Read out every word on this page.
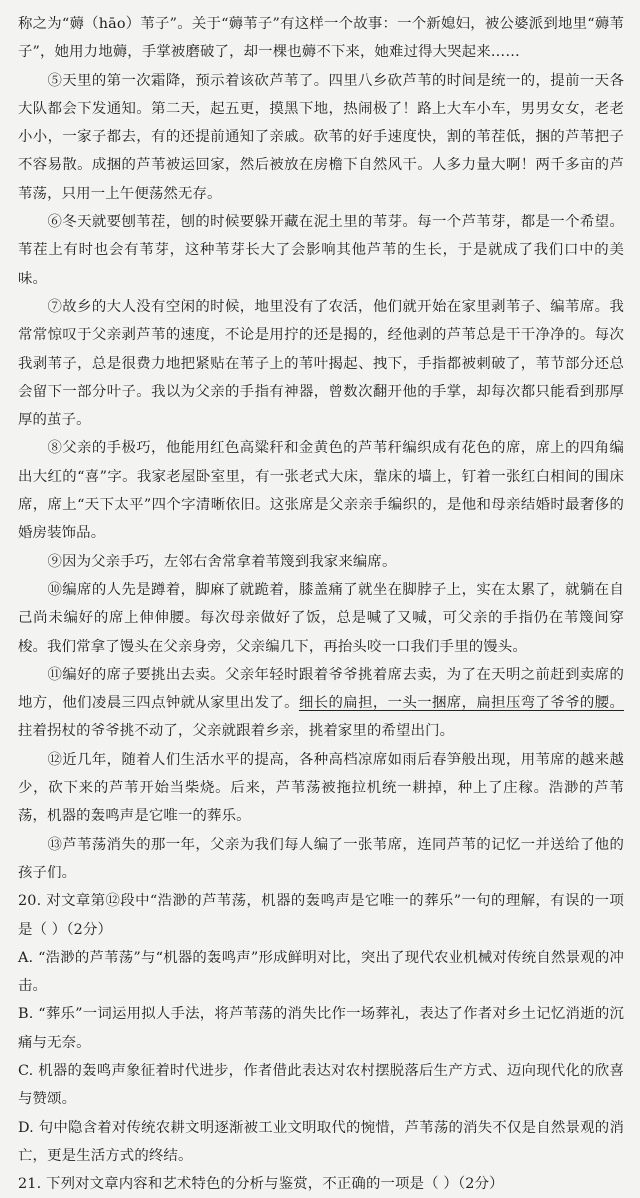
称之为“薅（hāo）苇子”。关于“薅苇子”有这样一个故事：一个新媳妇，被公婆派到地里“薅苇子”，她用力地薅，手掌被磨破了，却一棵也薅不下来，她难过得大哭起来……

⑤天里的第一次霜降，预示着该砍芦苇了。四里八乡砍芦苇的时间是统一的，提前一天各大队都会下发通知。第二天，起五更，摸黑下地，热闹极了！路上大车小车，男男女女，老老小小，一家子都去，有的还提前通知了亲戚。砍苇的好手速度快，割的苇茬低，捆的芦苇把子不容易散。成捆的芦苇被运回家，然后被放在房檐下自然风干。人多力量大啊！两千多亩的芦苇荡，只用一上午便荡然无存。

⑥冬天就要刨苇茬，刨的时候要躲开藏在泥土里的苇芽。每一个芦苇芽，都是一个希望。苇茬上有时也会有苇芽，这种苇芽长大了会影响其他芦苇的生长，于是就成了我们口中的美味。

⑦故乡的大人没有空闲的时候，地里没有了农活，他们就开始在家里剥苇子、编苇席。我常常惊叹于父亲剥芦苇的速度，不论是用拧的还是揭的，经他剥的芦苇总是干干净净的。每次我剥苇子，总是很费力地把紧贴在苇子上的苇叶揭起、拽下，手指都被刺破了，苇节部分还总会留下一部分叶子。我以为父亲的手指有神器，曾数次翻开他的手掌，却每次都只能看到那厚厚的茧子。

⑧父亲的手极巧，他能用红色高粱秆和金黄色的芦苇秆编织成有花色的席，席上的四角编出大红的“喜”字。我家老屋卧室里，有一张老式大床，靠床的墙上，钉着一张红白相间的围床席，席上“天下太平”四个字清晰依旧。这张席是父亲亲手编织的，是他和母亲结婚时最奢侈的婚房装饰品。

⑨因为父亲手巧，左邻右舍常拿着苇篾到我家来编席。

⑩编席的人先是蹲着，脚麻了就跪着，膝盖痛了就坐在脚脖子上，实在太累了，就躺在自己尚未编好的席上伸伸腰。每次母亲做好了饭，总是喊了又喊，可父亲的手指仍在苇篾间穿梭。我们常拿了馒头在父亲身旁，父亲编几下，再抬头咬一口我们手里的馒头。

⑪编好的席子要挑出去卖。父亲年轻时跟着爷爷挑着席去卖，为了在天明之前赶到卖席的地方，他们凌晨三四点钟就从家里出发了。细长的扁担，一头一捆席，扁担压弯了爷爷的腰。拄着拐杖的爷爷挑不动了，父亲就跟着乡亲，挑着家里的希望出门。

⑫近几年，随着人们生活水平的提高，各种高档凉席如雨后春笋般出现，用苇席的越来越少，砍下来的芦苇开始当柴烧。后来，芦苇荡被拖拉机统一耕掉，种上了庄稼。浩渺的芦苇荡，机器的轰鸣声是它唯一的葬乐。

⑬芦苇荡消失的那一年，父亲为我们每人编了一张苇席，连同芦苇的记忆一并送给了他的孩子们。

20. 对文章第⑫段中“浩渺的芦苇荡，机器的轰鸣声是它唯一的葬乐”一句的理解，有误的一项是（ ）（2分）

A. “浩渺的芦苇荡”与“机器的轰鸣声”形成鲜明对比，突出了现代农业机械对传统自然景观的冲击。

B. “葬乐”一词运用拟人手法，将芦苇荡的消失比作一场葬礼，表达了作者对乡土记忆消逝的沉痛与无奈。

C. 机器的轰鸣声象征着时代进步，作者借此表达对农村摆脱落后生产方式、迈向现代化的欣喜与赞颂。

D. 句中隐含着对传统农耕文明逐渐被工业文明取代的惋惜，芦苇荡的消失不仅是自然景观的消亡，更是生活方式的终结。

21. 下列对文章内容和艺术特色的分析与鉴赏，不正确的一项是（ ）（2分）
